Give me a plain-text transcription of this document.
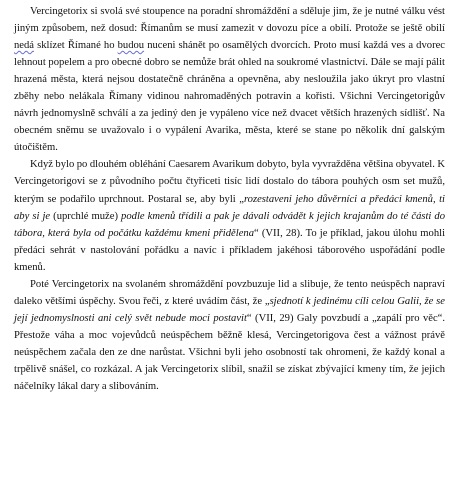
Vercingetorix si svolá své stoupence na poradní shromáždění a sděluje jim, že je nutné válku vést jiným způsobem, než dosud: Římanům se musí zamezit v dovozu píce a obilí. Protože se ještě obilí nedá sklízet Římané ho budou nuceni shánět po osamělých dvorcích. Proto musí každá ves a dvorec lehnout popelem a pro obecné dobro se nemůže brát ohled na soukromé vlastnictví. Dále se mají pálit hrazená města, která nejsou dostatečně chráněna a opevněna, aby nesloužila jako úkryt pro vlastní zběhy nebo nelákala Římany vidinou nahromaděných potravin a kořisti. Všichni Vercingetorigův návrh jednomyslně schválí a za jediný den je vypáleno více než dvacet větších hrazených sídlišť. Na obecném sněmu se uvažovalo i o vypálení Avarika, města, které se stane po několik dní galským útočištěm.

Když bylo po dlouhém obléhání Caesarem Avarikum dobyto, byla vyvražděna většina obyvatel. K Vercingetorigovi se z původního počtu čtyřiceti tisíc lidí dostalo do tábora pouhých osm set mužů, kterým se podařilo uprchnout. Postaral se, aby byli „rozestaveni jeho důvěrníci a předáci kmenů, ti aby si je (uprchlé muže) podle kmenů třídili a pak je dávali odvádět k jejich krajanům do té části do tábora, která byla od počátku každému kmeni přidělena“ (VII, 28). To je příklad, jakou úlohu mohli předáci sehrát v nastolování pořádku a navíc i příkladem jakéhosi táborového uspořádání podle kmenů.

Poté Vercingetorix na svolaném shromáždění povzbuzuje lid a slibuje, že tento neúspěch napraví dalekо většími úspěchy. Svou řeči, z které uvádím část, že „sjednotí k jedinému cíli celou Galii, že se její jednomyslnosti ani celý svět nebude moci postavit“ (VII, 29) Galy povzbudí a „zapálí pro věc“. Přestože váha a moc vojevůdců neúspěchem běžně klesá, Vercingetorigova čest a vážnost právě neúspěchem začala den ze dne narůstat. Všichni byli jeho osobností tak ohromeni, že každý konal a trpělivě snášel, co rozkázal. A jak Vercingetorix slíbil, snažil se získat zbývající kmeny tím, že jejich náčelníky lákal dary a slibováním.
